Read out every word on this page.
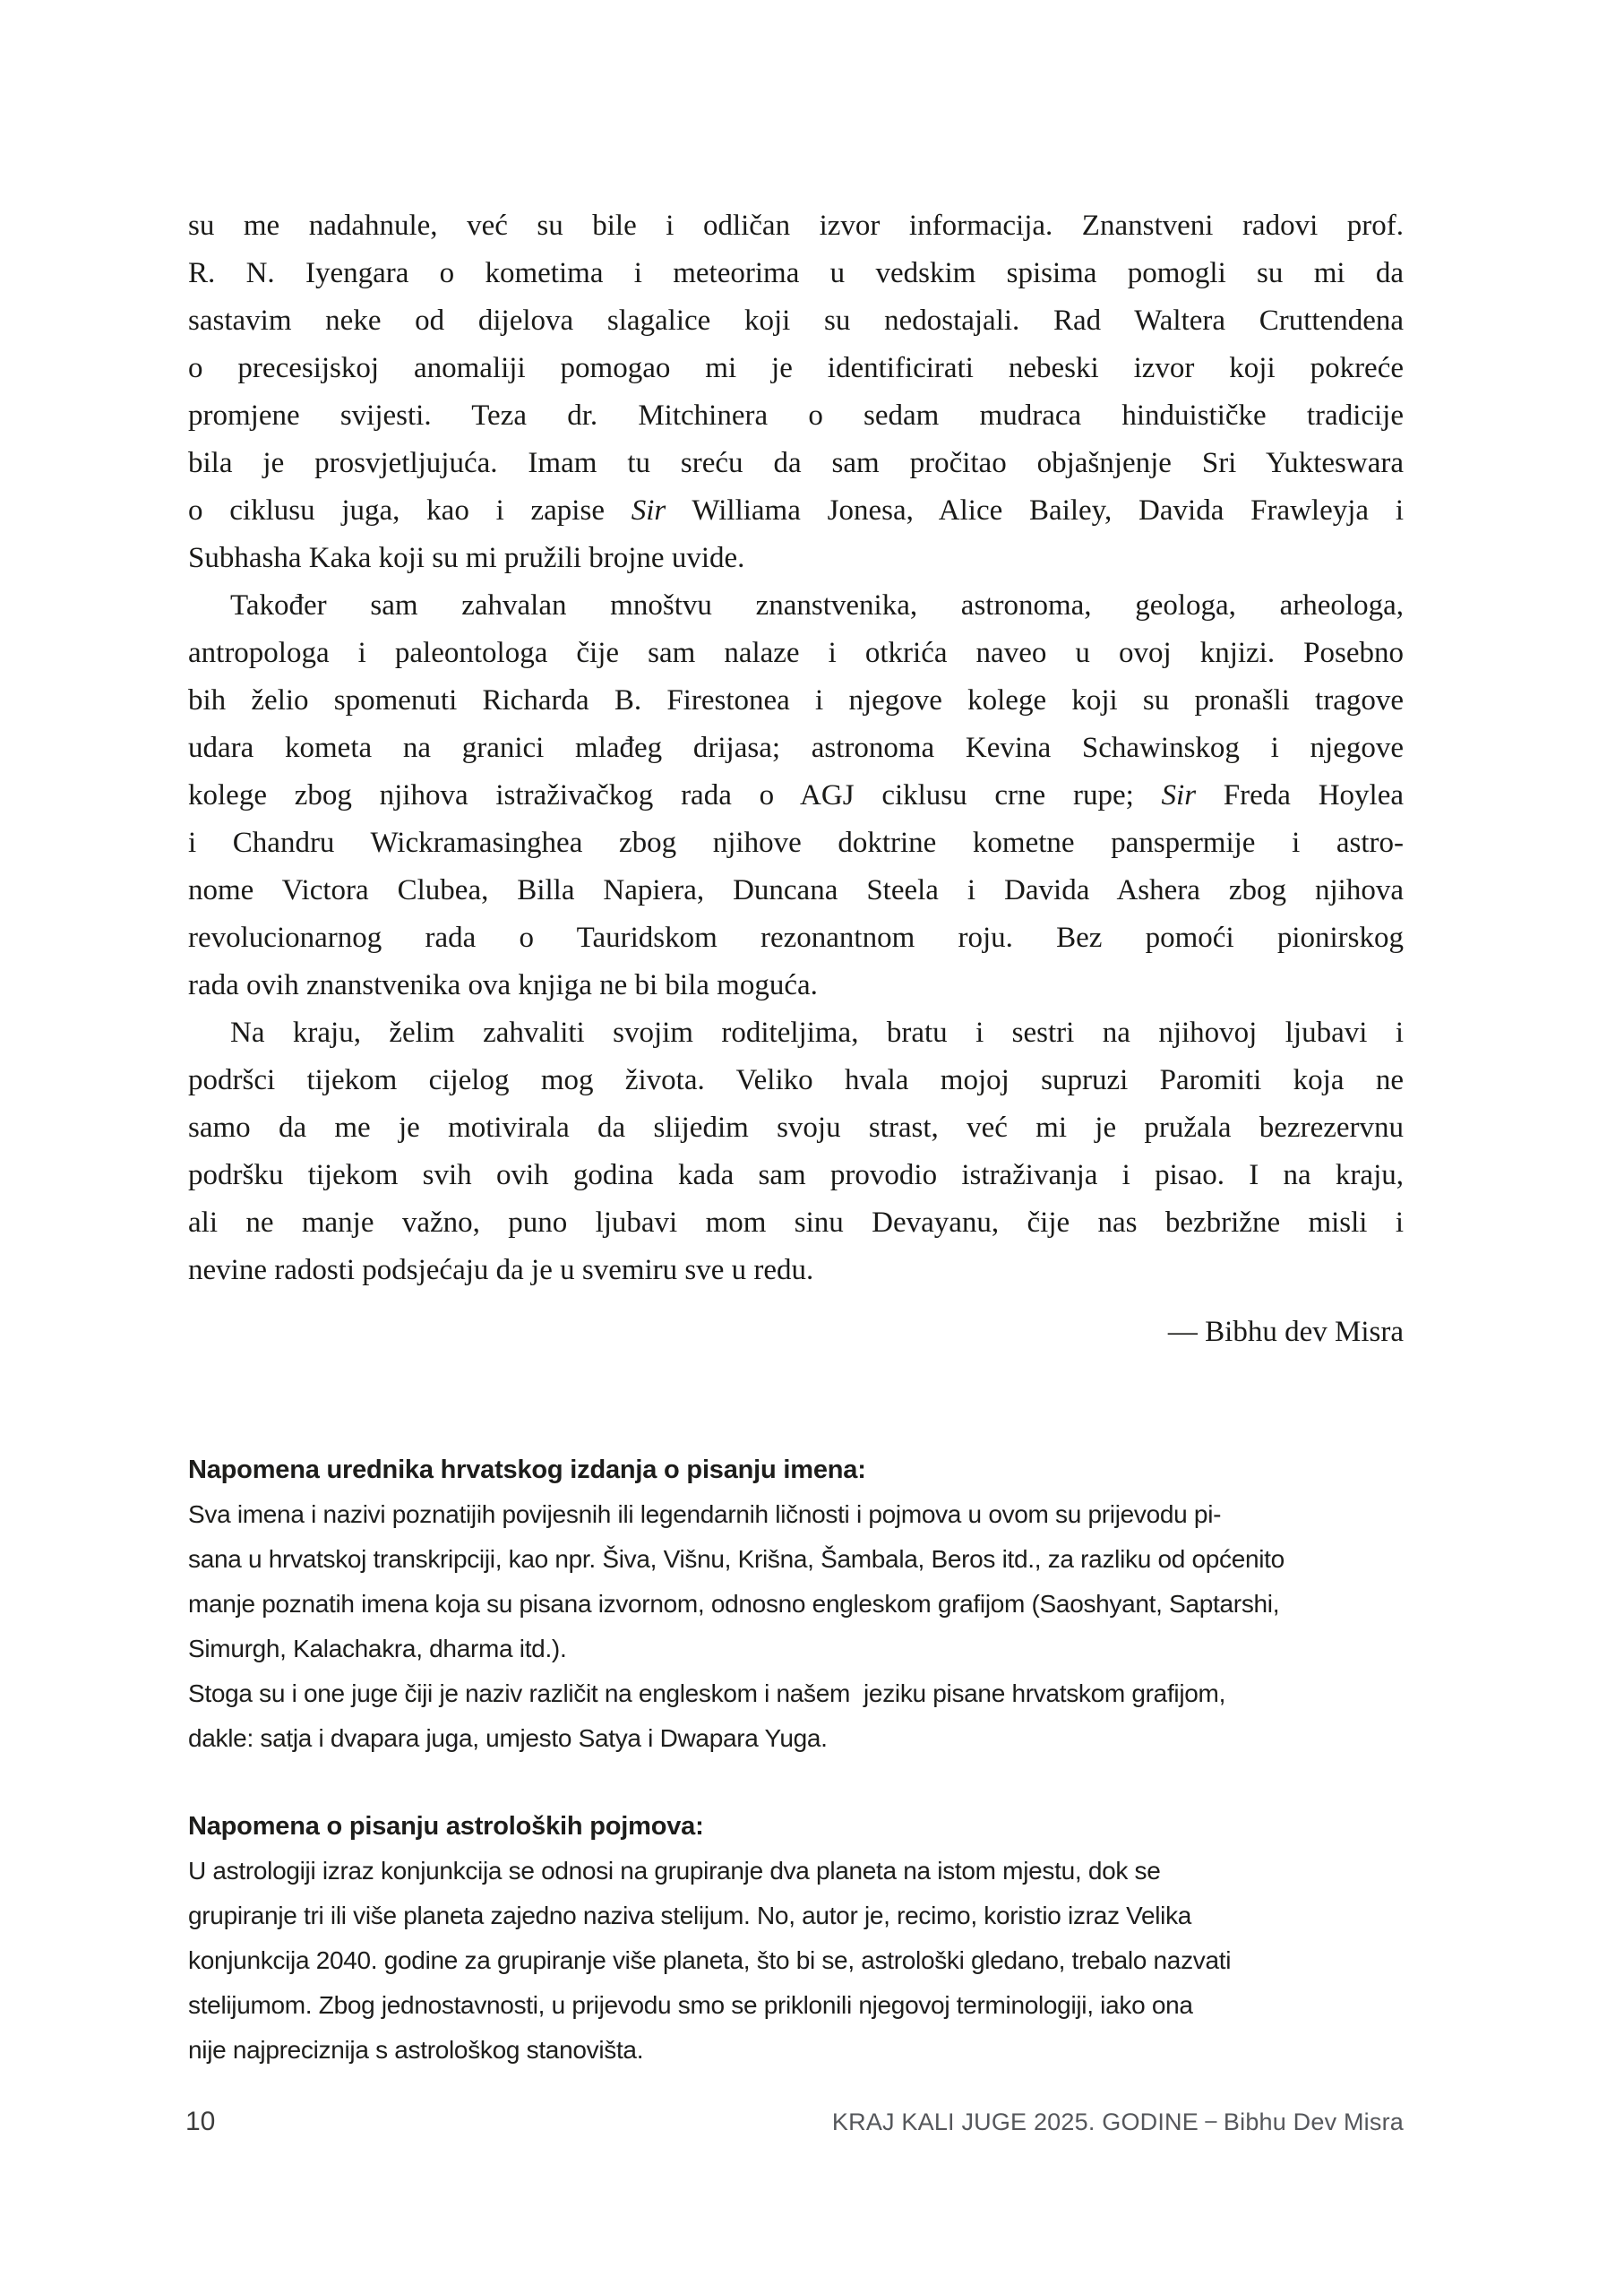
su me nadahnule, već su bile i odličan izvor informacija. Znanstveni radovi prof.
R. N. Iyengara o kometima i meteorima u vedskim spisima pomogli su mi da
sastavim neke od dijelova slagalice koji su nedostajali. Rad Waltera Cruttendena
o precesijskoj anomaliji pomogao mi je identificirati nebeski izvor koji pokreće
promjene svijesti. Teza dr. Mitchinera o sedam mudraca hinduističke tradicije
bila je prosvjetljujuća. Imam tu sreću da sam pročitao objašnjenje Sri Yukteswara
o ciklusu juga, kao i zapise Sir Williama Jonesa, Alice Bailey, Davida Frawleyja i
Subhasha Kaka koji su mi pružili brojne uvide.
Također sam zahvalan mnoštvu znanstvenika, astronoma, geologa, arheologa,
antropologa i paleontologa čije sam nalaze i otkrića naveo u ovoj knjizi. Posebno
bih želio spomenuti Richarda B. Firestonea i njegove kolege koji su pronašli tragove
udara kometa na granici mlađeg drijasa; astronoma Kevina Schawinskog i njegove
kolege zbog njihova istraživačkog rada o AGJ ciklusu crne rupe; Sir Freda Hoylea
i Chandru Wickramasinghea zbog njihove doktrine kometne panspermije i astro-
nome Victora Clubea, Billa Napiera, Duncana Steela i Davida Ashera zbog njihova
revolucionarnog rada o Tauridskom rezonantnom roju. Bez pomoći pionirskog
rada ovih znanstvenika ova knjiga ne bi bila moguća.
Na kraju, želim zahvaliti svojim roditeljima, bratu i sestri na njihovoj ljubavi i
podršci tijekom cijelog mog života. Veliko hvala mojoj supruzi Paromiti koja ne
samo da me je motivirala da slijedim svoju strast, već mi je pružala bezrezervnu
podršku tijekom svih ovih godina kada sam provodio istraživanja i pisao. I na kraju,
ali ne manje važno, puno ljubavi mom sinu Devayanu, čije nas bezbrižne misli i
nevine radosti podsjećaju da je u svemiru sve u redu.
— Bibhu dev Misra
Napomena urednika hrvatskog izdanja o pisanju imena:
Sva imena i nazivi poznatijih povijesnih ili legendarnih ličnosti i pojmova u ovom su prijevodu pi-
sana u hrvatskoj transkripciji, kao npr. Šiva, Višnu, Krišna, Šambala, Beros itd., za razliku od općenito
manje poznatih imena koja su pisana izvornom, odnosno engleskom grafijom (Saoshyant, Saptarshi,
Simurgh, Kalachakra, dharma itd.).
Stoga su i one juge čiji je naziv različit na engleskom i našem  jeziku pisane hrvatskom grafijom,
dakle: satja i dvapara juga, umjesto Satya i Dwapara Yuga.
Napomena o pisanju astroloških pojmova:
U astrologiji izraz konjunkcija se odnosi na grupiranje dva planeta na istom mjestu, dok se
grupiranje tri ili više planeta zajedno naziva stelijum. No, autor je, recimo, koristio izraz Velika
konjunkcija 2040. godine za grupiranje više planeta, što bi se, astrološki gledano, trebalo nazvati
stelijumom. Zbog jednostavnosti, u prijevodu smo se priklonili njegovoj terminologiji, iako ona
nije najpreciznija s astrološkog stanovišta.
10	KRAJ KALI JUGE 2025. GODINE − Bibhu Dev Misra
